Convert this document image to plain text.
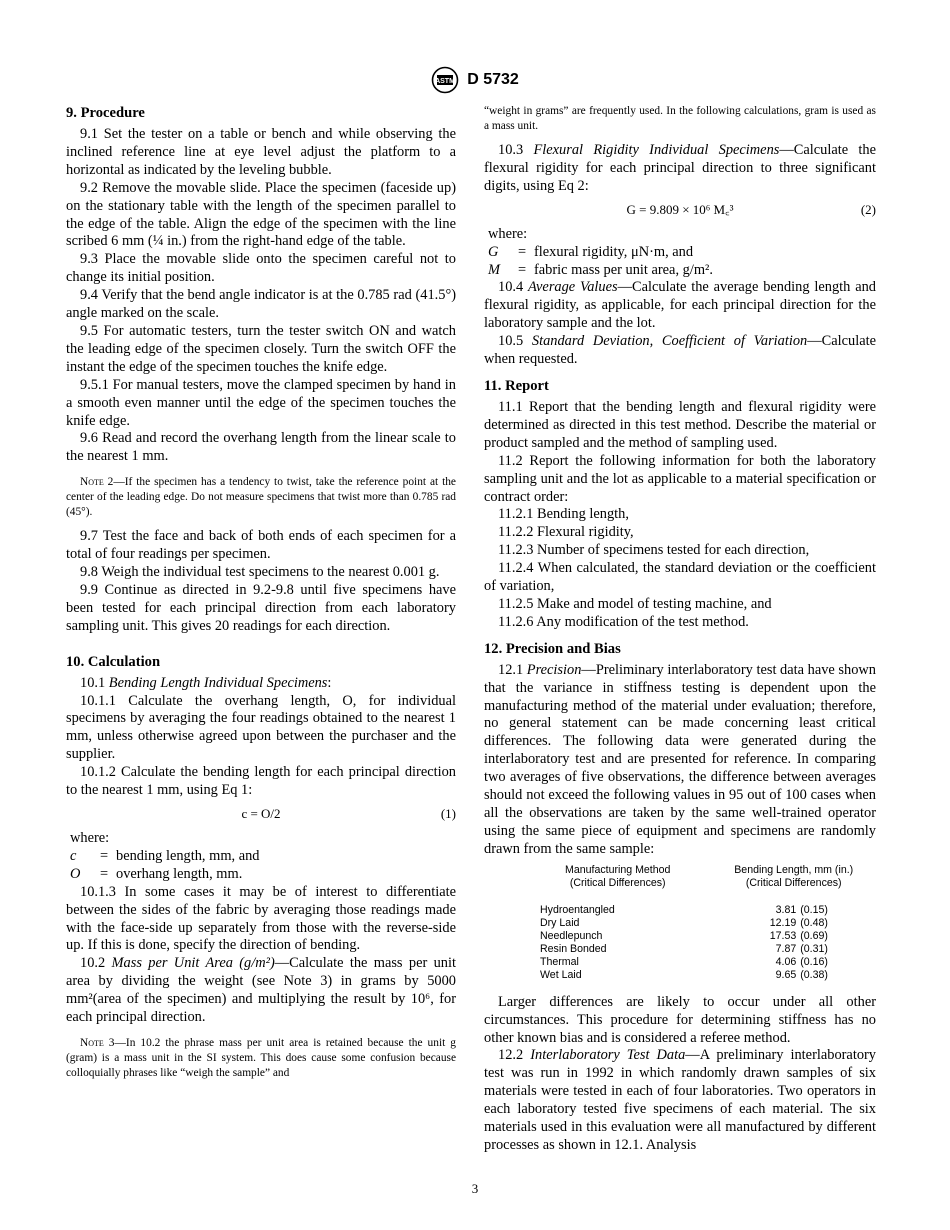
ASTM D 5732
9. Procedure

9.1 Set the tester on a table or bench and while observing the inclined reference line at eye level adjust the platform to a horizontal as indicated by the leveling bubble.

9.2 Remove the movable slide. Place the specimen (faceside up) on the stationary table with the length of the specimen parallel to the edge of the table. Align the edge of the specimen with the line scribed 6 mm (¼ in.) from the right-hand edge of the table.

9.3 Place the movable slide onto the specimen careful not to change its initial position.

9.4 Verify that the bend angle indicator is at the 0.785 rad (41.5°) angle marked on the scale.

9.5 For automatic testers, turn the tester switch ON and watch the leading edge of the specimen closely. Turn the switch OFF the instant the edge of the specimen touches the knife edge.

9.5.1 For manual testers, move the clamped specimen by hand in a smooth even manner until the edge of the specimen touches the knife edge.

9.6 Read and record the overhang length from the linear scale to the nearest 1 mm.

Note 2—If the specimen has a tendency to twist, take the reference point at the center of the leading edge. Do not measure specimens that twist more than 0.785 rad (45°).

9.7 Test the face and back of both ends of each specimen for a total of four readings per specimen.

9.8 Weigh the individual test specimens to the nearest 0.001 g.

9.9 Continue as directed in 9.2-9.8 until five specimens have been tested for each principal direction from each laboratory sampling unit. This gives 20 readings for each direction.

10. Calculation

10.1 Bending Length Individual Specimens:

10.1.1 Calculate the overhang length, O, for individual specimens by averaging the four readings obtained to the nearest 1 mm, unless otherwise agreed upon between the purchaser and the supplier.

10.1.2 Calculate the bending length for each principal direction to the nearest 1 mm, using Eq 1:

c = O/2	(1)

where:

c	= bending length, mm, and
O	= overhang length, mm.

10.1.3 In some cases it may be of interest to differentiate between the sides of the fabric by averaging those readings made with the face-side up separately from those with the reverse-side up. If this is done, specify the direction of bending.

10.2 Mass per Unit Area (g/m²)—Calculate the mass per unit area by dividing the weight (see Note 3) in grams by 5000 mm²(area of the specimen) and multiplying the result by 10⁶, for each principal direction.

Note 3—In 10.2 the phrase mass per unit area is retained because the unit g (gram) is a mass unit in the SI system. This does cause some confusion because colloquially phrases like “weigh the sample” and

“weight in grams” are frequently used. In the following calculations, gram is used as a mass unit.

10.3 Flexural Rigidity Individual Specimens—Calculate the flexural rigidity for each principal direction to three significant digits, using Eq 2:

G = 9.809 × 10⁶ M꜀³	(2)

where:

G	= flexural rigidity, μN·m, and
M	= fabric mass per unit area, g/m².

10.4 Average Values—Calculate the average bending length and flexural rigidity, as applicable, for each principal direction for the laboratory sample and the lot.

10.5 Standard Deviation, Coefficient of Variation—Calculate when requested.

11. Report

11.1 Report that the bending length and flexural rigidity were determined as directed in this test method. Describe the material or product sampled and the method of sampling used.

11.2 Report the following information for both the laboratory sampling unit and the lot as applicable to a material specification or contract order:

11.2.1 Bending length,

11.2.2 Flexural rigidity,

11.2.3 Number of specimens tested for each direction,

11.2.4 When calculated, the standard deviation or the coefficient of variation,

11.2.5 Make and model of testing machine, and

11.2.6 Any modification of the test method.

12. Precision and Bias

12.1 Precision—Preliminary interlaboratory test data have shown that the variance in stiffness testing is dependent upon the manufacturing method of the material under evaluation; therefore, no general statement can be made concerning least critical differences. The following data were generated during the interlaboratory test and are presented for reference. In comparing two averages of five observations, the difference between averages should not exceed the following values in 95 out of 100 cases when all the observations are taken by the same well-trained operator using the same piece of equipment and specimens are randomly drawn from the same sample:

Manufacturing Method
(Critical Differences)	Bending Length, mm (in.)
(Critical Differences)	

Hydroentangled	3.81	(0.15)
Dry Laid	12.19	(0.48)
Needlepunch	17.53	(0.69)
Resin Bonded	7.87	(0.31)
Thermal	4.06	(0.16)
Wet Laid	9.65	(0.38)

Larger differences are likely to occur under all other circumstances. This procedure for determining stiffness has no other known bias and is considered a referee method.

12.2 Interlaboratory Test Data—A preliminary interlaboratory test was run in 1992 in which randomly drawn samples of six materials were tested in each of four laboratories. Two operators in each laboratory tested five specimens of each material. The six materials used in this evaluation were all manufactured by different processes as shown in 12.1. Analysis

3
